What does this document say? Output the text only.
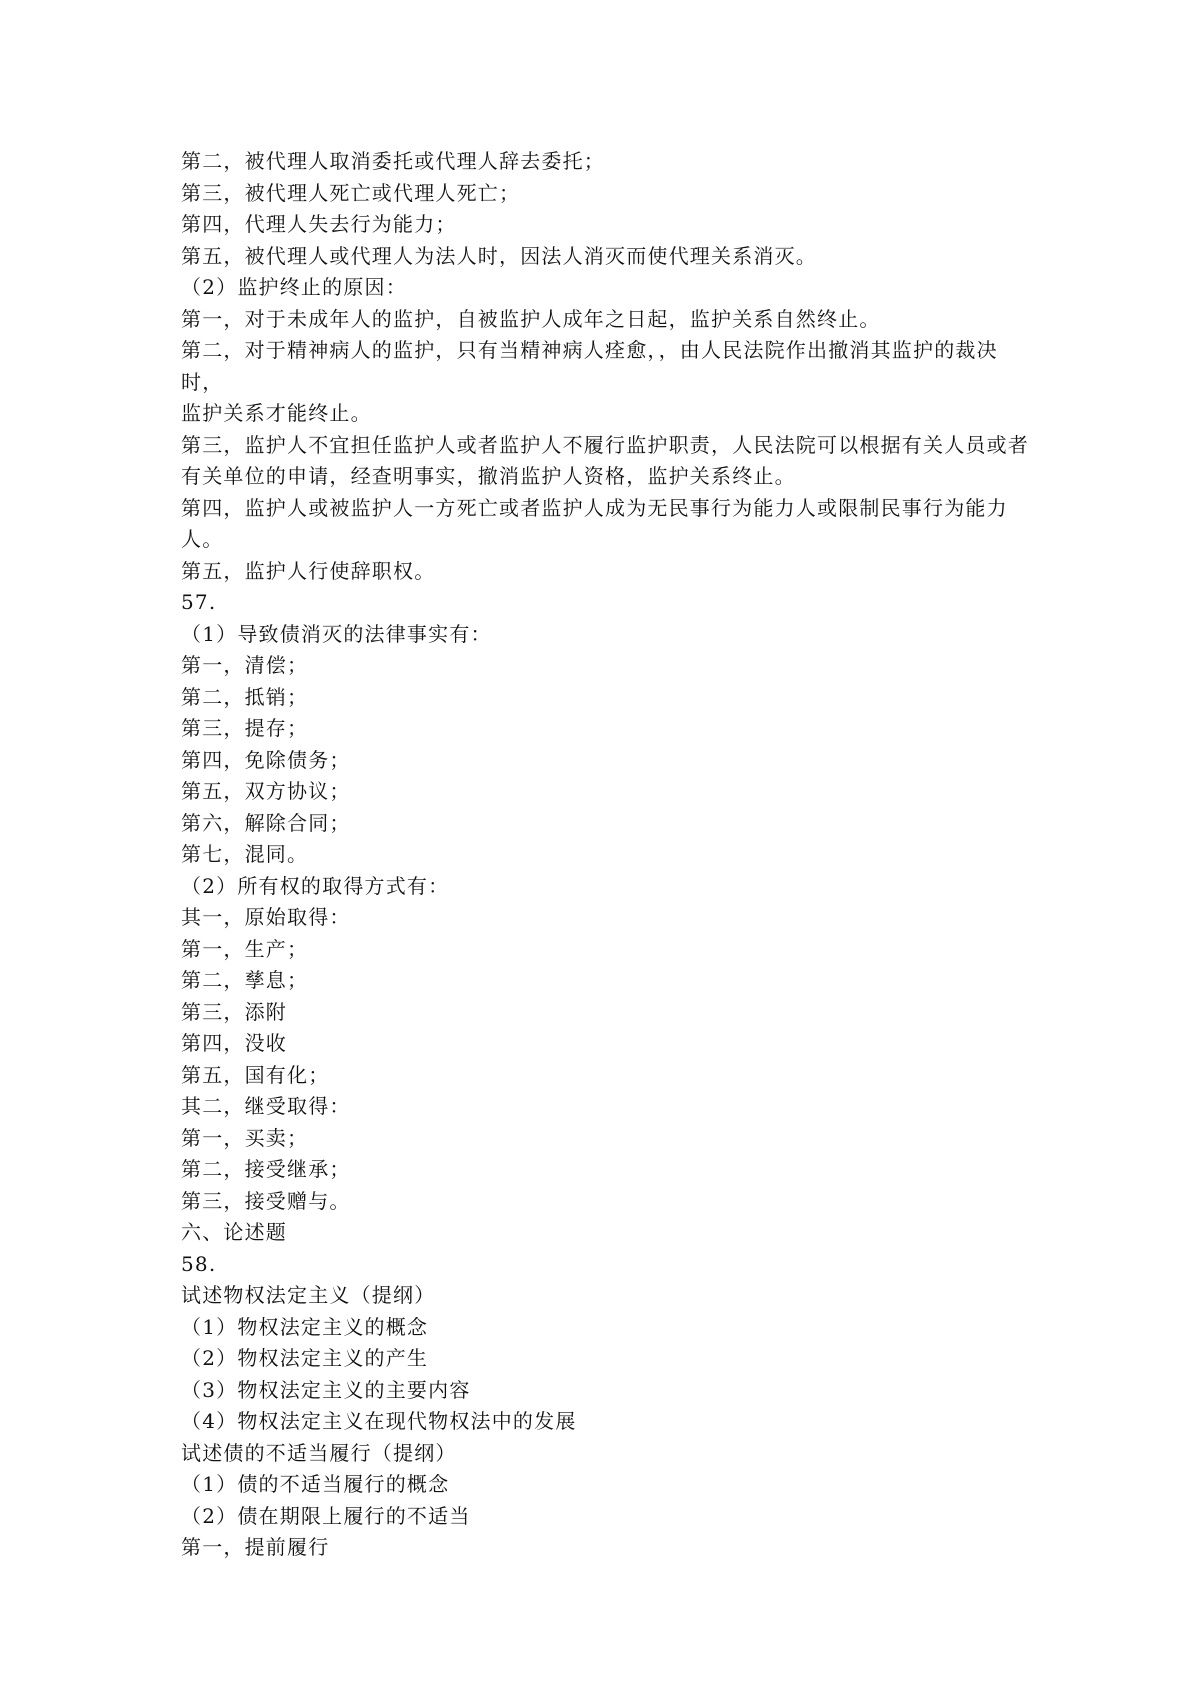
第二，被代理人取消委托或代理人辞去委托；

第三，被代理人死亡或代理人死亡；

第四，代理人失去行为能力；

第五，被代理人或代理人为法人时，因法人消灭而使代理关系消灭。

（2）监护终止的原因：

第一，对于未成年人的监护，自被监护人成年之日起，监护关系自然终止。

第二，对于精神病人的监护，只有当精神病人痊愈，，由人民法院作出撤消其监护的裁决时，

监护关系才能终止。

第三，监护人不宜担任监护人或者监护人不履行监护职责，人民法院可以根据有关人员或者

有关单位的申请，经查明事实，撤消监护人资格，监护关系终止。

第四，监护人或被监护人一方死亡或者监护人成为无民事行为能力人或限制民事行为能力

人。

第五，监护人行使辞职权。

57.

（1）导致债消灭的法律事实有：

第一，清偿；

第二，抵销；

第三，提存；

第四，免除债务；

第五，双方协议；

第六，解除合同；

第七，混同。

（2）所有权的取得方式有：

其一，原始取得：

第一，生产；

第二，孳息；

第三，添附

第四，没收

第五，国有化；

其二，继受取得：

第一，买卖；

第二，接受继承；

第三，接受赠与。

六、论述题

58.

试述物权法定主义（提纲）

（1）物权法定主义的概念

（2）物权法定主义的产生

（3）物权法定主义的主要内容

（4）物权法定主义在现代物权法中的发展

试述债的不适当履行（提纲）

（1）债的不适当履行的概念

（2）债在期限上履行的不适当

第一，提前履行
